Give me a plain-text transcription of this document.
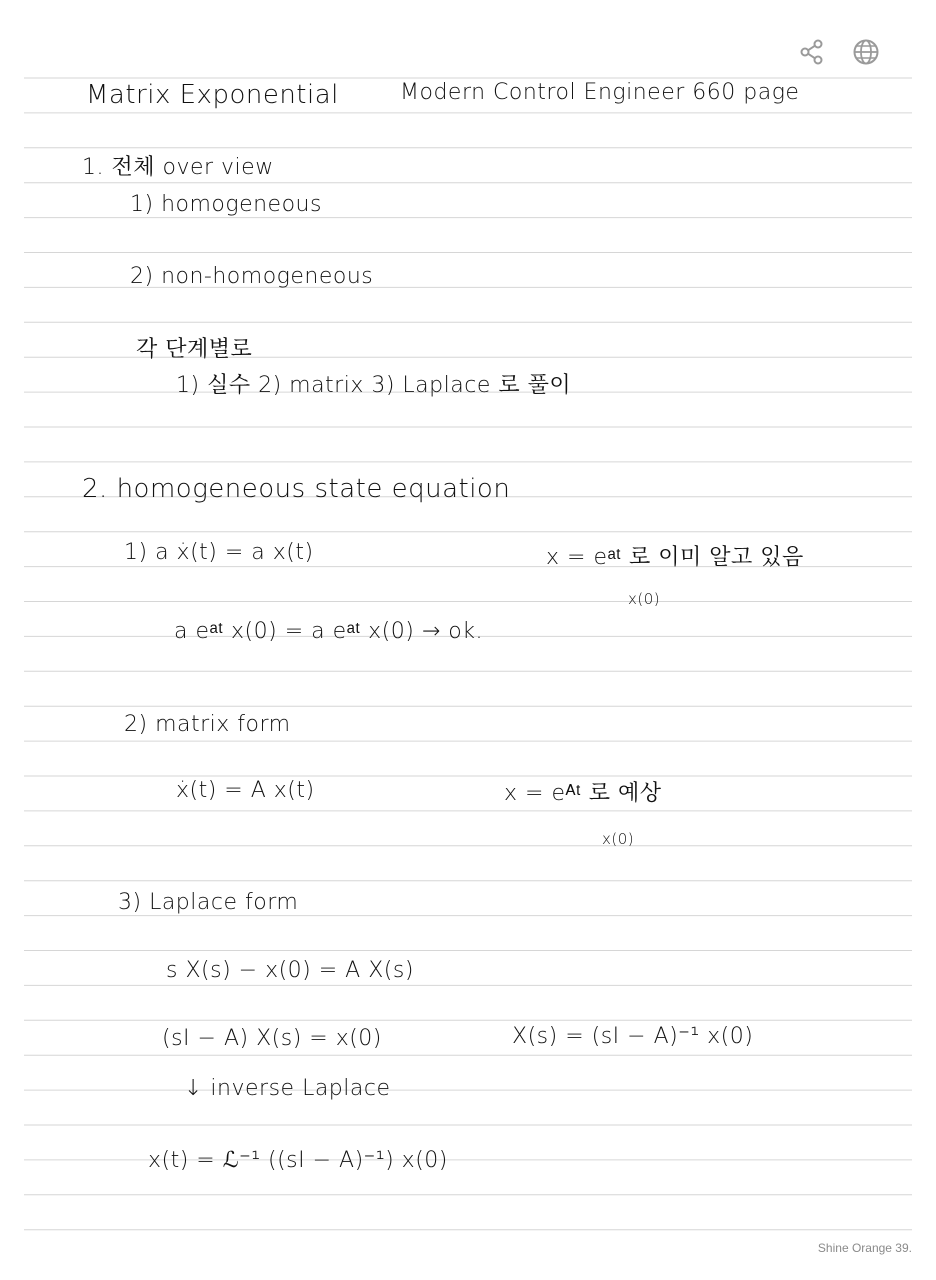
Matrix Exponential	Modern Control Engineer 660 page
1. 전체 over view
1) homogeneous
2) non-homogeneous
각 단계별로
1) 실수 2) matrix 3) Laplace 로 풀이
2. homogeneous state equation
1) a ẋ(t) = a x(t)	x = eᵃᵗ 로 이미 알고 있음
x(0)
a eᵃᵗ x(0) = a eᵃᵗ x(0) → ok.
2) matrix form
ẋ(t) = A x(t)	x = eᴬᵗ 로 예상
x(0)
3) Laplace form
s X(s) − x(0) = A X(s)
(sI − A) X(s) = x(0)	X(s) = (sI − A)⁻¹ x(0)
↓ inverse Laplace
x(t) = ℒ⁻¹ ((sI − A)⁻¹) x(0)
Shine Orange 39.
